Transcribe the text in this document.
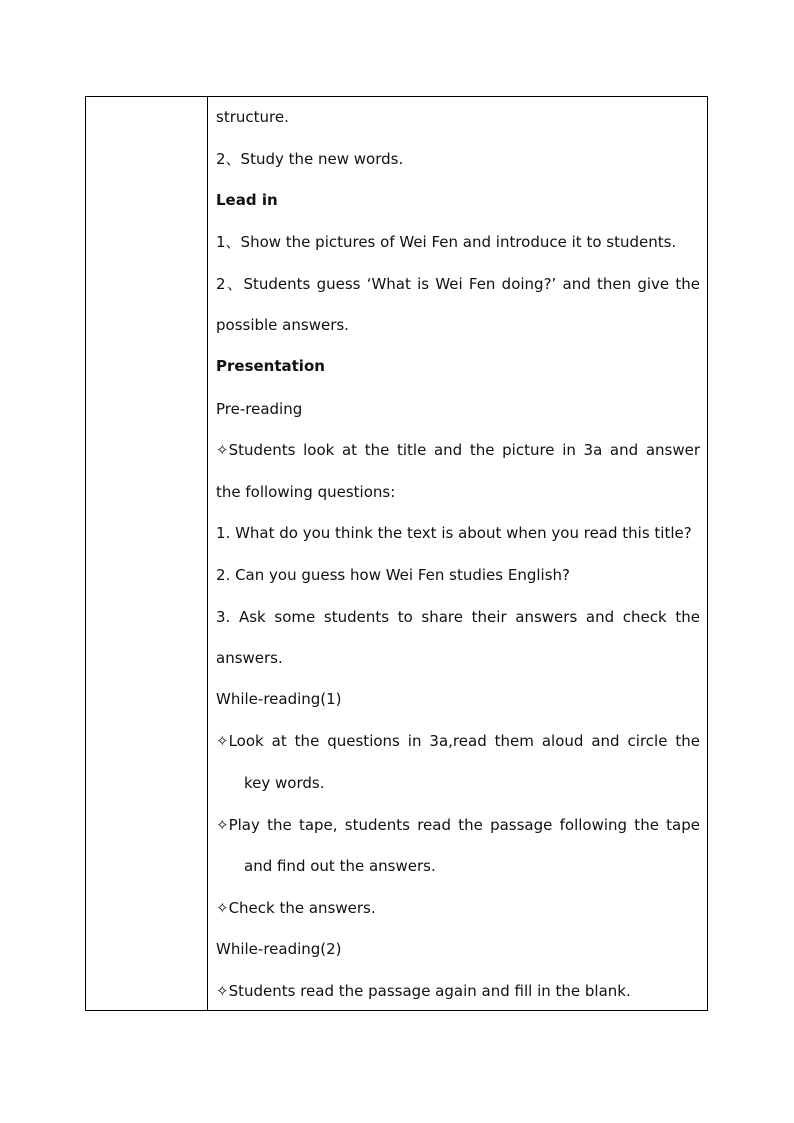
structure.
2、Study the new words.
Lead in
1、Show the pictures of Wei Fen and introduce it to students.
2、Students guess ‘What is Wei Fen doing?’ and then give the
possible answers.
Presentation
Pre-reading
✧Students look at the title and the picture in 3a and answer
the following questions:
1. What do you think the text is about when you read this title?
2. Can you guess how Wei Fen studies English?
3. Ask some students to share their answers and check the
answers.
While-reading(1)
✧Look at the questions in 3a,read them aloud and circle the
key words.
✧Play the tape, students read the passage following the tape
and find out the answers.
✧Check the answers.
While-reading(2)
✧Students read the passage again and fill in the blank.
